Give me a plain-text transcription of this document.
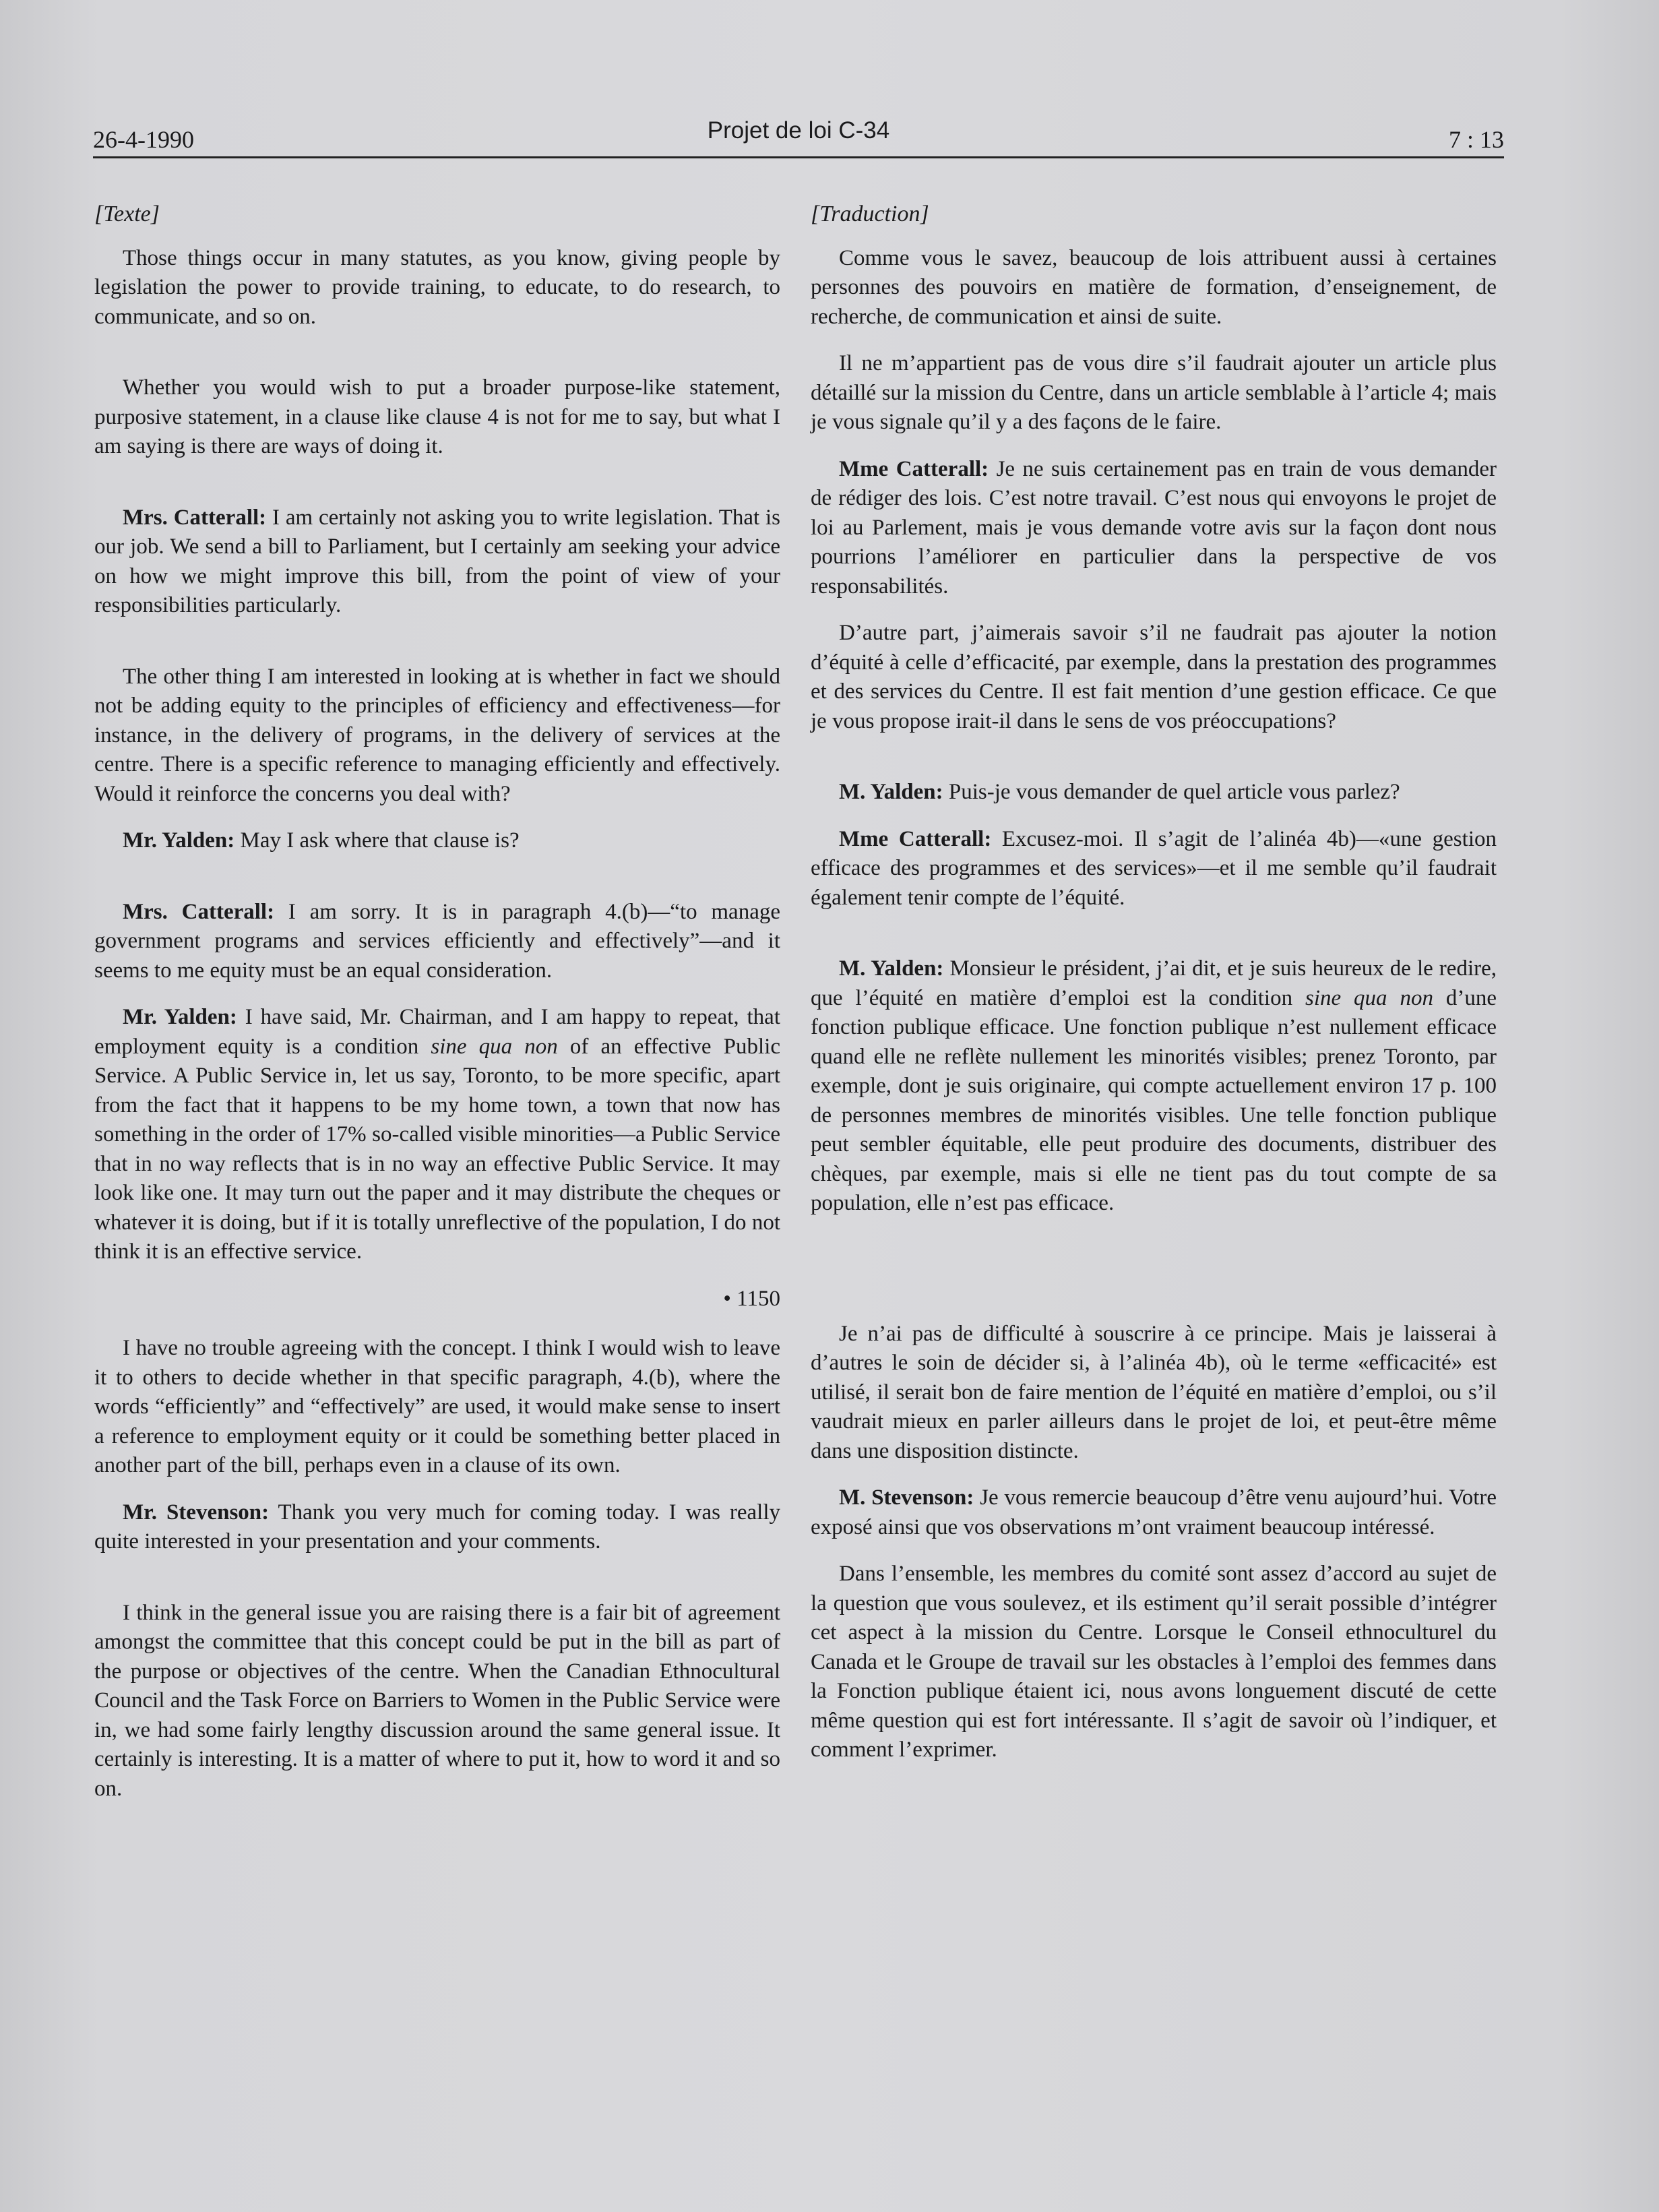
26-4-1990	Projet de loi C-34	7 : 13
[Texte]

Those things occur in many statutes, as you know, giving people by legislation the power to provide training, to educate, to do research, to communicate, and so on.

Whether you would wish to put a broader purpose-like statement, purposive statement, in a clause like clause 4 is not for me to say, but what I am saying is there are ways of doing it.

Mrs. Catterall: I am certainly not asking you to write legislation. That is our job. We send a bill to Parliament, but I certainly am seeking your advice on how we might improve this bill, from the point of view of your responsibilities particularly.

The other thing I am interested in looking at is whether in fact we should not be adding equity to the principles of efficiency and effectiveness—for instance, in the delivery of programs, in the delivery of services at the centre. There is a specific reference to managing efficiently and effectively. Would it reinforce the concerns you deal with?

Mr. Yalden: May I ask where that clause is?

Mrs. Catterall: I am sorry. It is in paragraph 4.(b)—“to manage government programs and services efficiently and effectively”—and it seems to me equity must be an equal consideration.

Mr. Yalden: I have said, Mr. Chairman, and I am happy to repeat, that employment equity is a condition sine qua non of an effective Public Service. A Public Service in, let us say, Toronto, to be more specific, apart from the fact that it happens to be my home town, a town that now has something in the order of 17% so-called visible minorities—a Public Service that in no way reflects that is in no way an effective Public Service. It may look like one. It may turn out the paper and it may distribute the cheques or whatever it is doing, but if it is totally unreflective of the population, I do not think it is an effective service.

• 1150

I have no trouble agreeing with the concept. I think I would wish to leave it to others to decide whether in that specific paragraph, 4.(b), where the words “efficiently” and “effectively” are used, it would make sense to insert a reference to employment equity or it could be something better placed in another part of the bill, perhaps even in a clause of its own.

Mr. Stevenson: Thank you very much for coming today. I was really quite interested in your presentation and your comments.

I think in the general issue you are raising there is a fair bit of agreement amongst the committee that this concept could be put in the bill as part of the purpose or objectives of the centre. When the Canadian Ethnocultural Council and the Task Force on Barriers to Women in the Public Service were in, we had some fairly lengthy discussion around the same general issue. It certainly is interesting. It is a matter of where to put it, how to word it and so on.

[Traduction]

Comme vous le savez, beaucoup de lois attribuent aussi à certaines personnes des pouvoirs en matière de formation, d’enseignement, de recherche, de communication et ainsi de suite.

Il ne m’appartient pas de vous dire s’il faudrait ajouter un article plus détaillé sur la mission du Centre, dans un article semblable à l’article 4; mais je vous signale qu’il y a des façons de le faire.

Mme Catterall: Je ne suis certainement pas en train de vous demander de rédiger des lois. C’est notre travail. C’est nous qui envoyons le projet de loi au Parlement, mais je vous demande votre avis sur la façon dont nous pourrions l’améliorer en particulier dans la perspective de vos responsabilités.

D’autre part, j’aimerais savoir s’il ne faudrait pas ajouter la notion d’équité à celle d’efficacité, par exemple, dans la prestation des programmes et des services du Centre. Il est fait mention d’une gestion efficace. Ce que je vous propose irait-il dans le sens de vos préoccupations?

M. Yalden: Puis-je vous demander de quel article vous parlez?

Mme Catterall: Excusez-moi. Il s’agit de l’alinéa 4b)—«une gestion efficace des programmes et des services»—et il me semble qu’il faudrait également tenir compte de l’équité.

M. Yalden: Monsieur le président, j’ai dit, et je suis heureux de le redire, que l’équité en matière d’emploi est la condition sine qua non d’une fonction publique efficace. Une fonction publique n’est nullement efficace quand elle ne reflète nullement les minorités visibles; prenez Toronto, par exemple, dont je suis originaire, qui compte actuellement environ 17 p. 100 de personnes membres de minorités visibles. Une telle fonction publique peut sembler équitable, elle peut produire des documents, distribuer des chèques, par exemple, mais si elle ne tient pas du tout compte de sa population, elle n’est pas efficace.

Je n’ai pas de difficulté à souscrire à ce principe. Mais je laisserai à d’autres le soin de décider si, à l’alinéa 4b), où le terme «efficacité» est utilisé, il serait bon de faire mention de l’équité en matière d’emploi, ou s’il vaudrait mieux en parler ailleurs dans le projet de loi, et peut-être même dans une disposition distincte.

M. Stevenson: Je vous remercie beaucoup d’être venu aujourd’hui. Votre exposé ainsi que vos observations m’ont vraiment beaucoup intéressé.

Dans l’ensemble, les membres du comité sont assez d’accord au sujet de la question que vous soulevez, et ils estiment qu’il serait possible d’intégrer cet aspect à la mission du Centre. Lorsque le Conseil ethnoculturel du Canada et le Groupe de travail sur les obstacles à l’emploi des femmes dans la Fonction publique étaient ici, nous avons longuement discuté de cette même question qui est fort intéressante. Il s’agit de savoir où l’indiquer, et comment l’exprimer.
